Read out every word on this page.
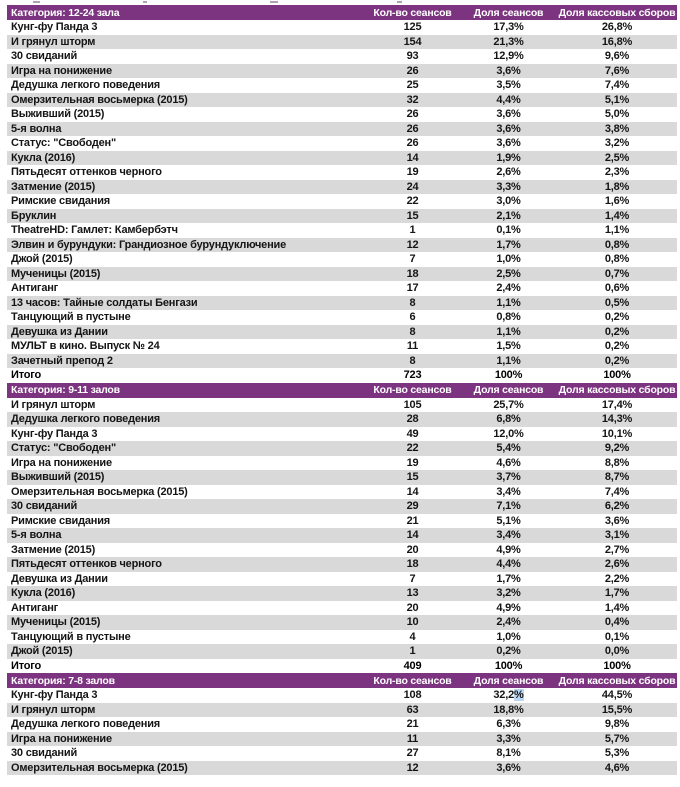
Категория: 12-24 зала	Кол-во сеансов	Доля сеансов	Доля кассовых сборов
Кунг-фу Панда 3	125	17,3%	26,8%
И грянул шторм	154	21,3%	16,8%
30 свиданий	93	12,9%	9,6%
Игра на понижение	26	3,6%	7,6%
Дедушка легкого поведения	25	3,5%	7,4%
Омерзительная восьмерка (2015)	32	4,4%	5,1%
Выживший (2015)	26	3,6%	5,0%
5-я волна	26	3,6%	3,8%
Статус: "Свободен"	26	3,6%	3,2%
Кукла (2016)	14	1,9%	2,5%
Пятьдесят оттенков черного	19	2,6%	2,3%
Затмение (2015)	24	3,3%	1,8%
Римские свидания	22	3,0%	1,6%
Бруклин	15	2,1%	1,4%
TheatreHD: Гамлет: Камбербэтч	1	0,1%	1,1%
Элвин и бурундуки: Грандиозное бурундуключение	12	1,7%	0,8%
Джой (2015)	7	1,0%	0,8%
Мученицы (2015)	18	2,5%	0,7%
Антиганг	17	2,4%	0,6%
13 часов: Тайные солдаты Бенгази	8	1,1%	0,5%
Танцующий в пустыне	6	0,8%	0,2%
Девушка из Дании	8	1,1%	0,2%
МУЛЬТ в кино. Выпуск № 24	11	1,5%	0,2%
Зачетный препод 2	8	1,1%	0,2%
Итого	723	100%	100%
Категория: 9-11 залов	Кол-во сеансов	Доля сеансов	Доля кассовых сборов
И грянул шторм	105	25,7%	17,4%
Дедушка легкого поведения	28	6,8%	14,3%
Кунг-фу Панда 3	49	12,0%	10,1%
Статус: "Свободен"	22	5,4%	9,2%
Игра на понижение	19	4,6%	8,8%
Выживший (2015)	15	3,7%	8,7%
Омерзительная восьмерка (2015)	14	3,4%	7,4%
30 свиданий	29	7,1%	6,2%
Римские свидания	21	5,1%	3,6%
5-я волна	14	3,4%	3,1%
Затмение (2015)	20	4,9%	2,7%
Пятьдесят оттенков черного	18	4,4%	2,6%
Девушка из Дании	7	1,7%	2,2%
Кукла (2016)	13	3,2%	1,7%
Антиганг	20	4,9%	1,4%
Мученицы (2015)	10	2,4%	0,4%
Танцующий в пустыне	4	1,0%	0,1%
Джой (2015)	1	0,2%	0,0%
Итого	409	100%	100%
Категория: 7-8 залов	Кол-во сеансов	Доля сеансов	Доля кассовых сборов
Кунг-фу Панда 3	108	32,2%	44,5%
И грянул шторм	63	18,8%	15,5%
Дедушка легкого поведения	21	6,3%	9,8%
Игра на понижение	11	3,3%	5,7%
30 свиданий	27	8,1%	5,3%
Омерзительная восьмерка (2015)	12	3,6%	4,6%
